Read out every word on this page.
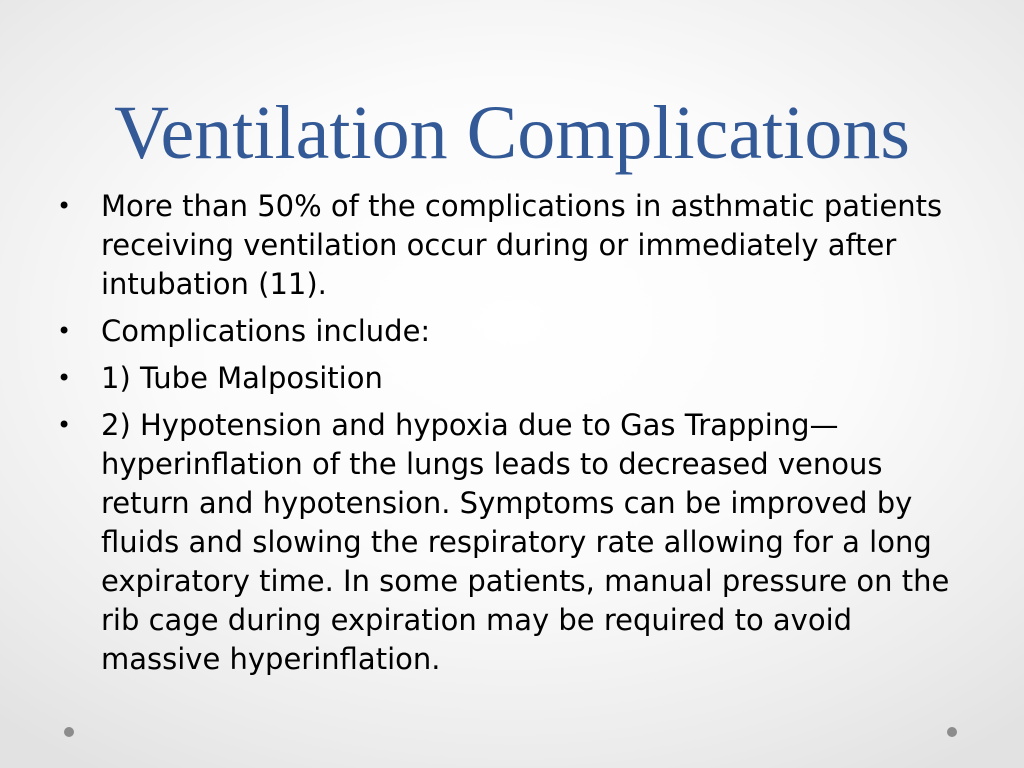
Ventilation Complications
• More than 50% of the complications in asthmatic patients receiving ventilation occur during or immediately after intubation (11).
• Complications include:
• 1) Tube Malposition
• 2) Hypotension and hypoxia due to Gas Trapping—hyperinflation of the lungs leads to decreased venous return and hypotension. Symptoms can be improved by fluids and slowing the respiratory rate allowing for a long expiratory time. In some patients, manual pressure on the rib cage during expiration may be required to avoid massive hyperinflation.
